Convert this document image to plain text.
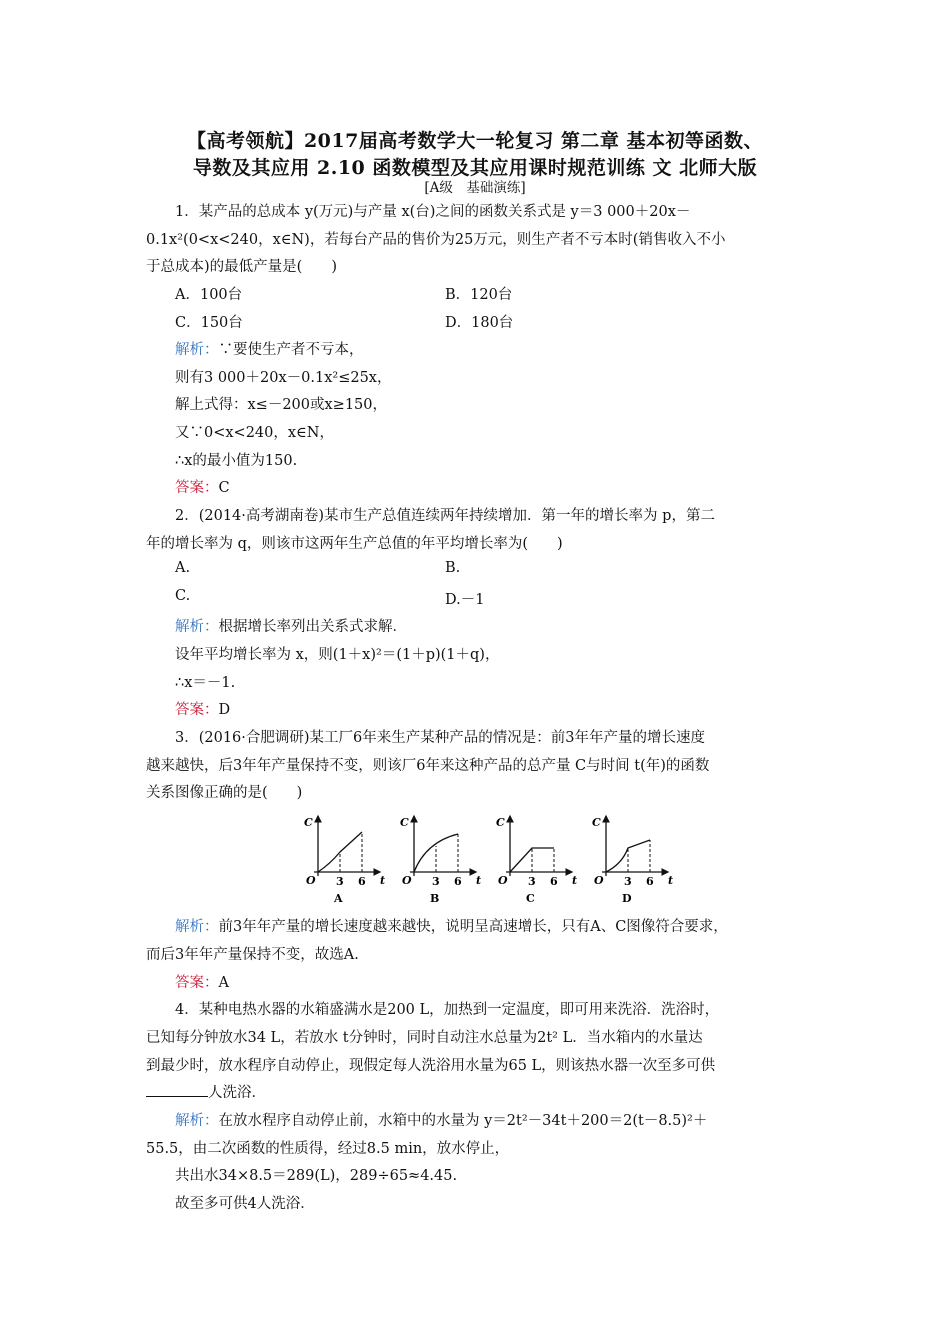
【高考领航】2017届高考数学大一轮复习 第二章 基本初等函数、
导数及其应用 2.10 函数模型及其应用课时规范训练 文 北师大版
[A级　基础演练]
1．某产品的总成本 y(万元)与产量 x(台)之间的函数关系式是 y＝3 000＋20x－
0.1x²(0<x<240，x∈N)，若每台产品的售价为25万元，则生产者不亏本时(销售收入不小
于总成本)的最低产量是(　　)
A．100台	B．120台
C．150台	D．180台
解析：∵要使生产者不亏本，
则有3 000＋20x－0.1x²≤25x，
解上式得：x≤－200或x≥150，
又∵0<x<240，x∈N，
∴x的最小值为150.
答案：C
2．(2014·高考湖南卷)某市生产总值连续两年持续增加．第一年的增长率为 p，第二
年的增长率为 q，则该市这两年生产总值的年平均增长率为(　　)
A.	B.
C.	D.－1
解析：根据增长率列出关系式求解．
设年平均增长率为 x，则(1＋x)²＝(1＋p)(1＋q)，
∴x＝－1.
答案：D
3．(2016·合肥调研)某工厂6年来生产某种产品的情况是：前3年年产量的增长速度
越来越快，后3年年产量保持不变，则该厂6年来这种产品的总产量 C与时间 t(年)的函数
关系图像正确的是(　　)
C
t
O 3 6
A
C
t
O 3 6
B
C
t
O 3 6
C
C
t
O 3 6
D
解析：前3年年产量的增长速度越来越快，说明呈高速增长，只有A、C图像符合要求，
而后3年年产量保持不变，故选A.
答案：A
4．某种电热水器的水箱盛满水是200 L，加热到一定温度，即可用来洗浴．洗浴时，
已知每分钟放水34 L，若放水 t分钟时，同时自动注水总量为2t² L．当水箱内的水量达
到最少时，放水程序自动停止，现假定每人洗浴用水量为65 L，则该热水器一次至多可供
人洗浴．
解析：在放水程序自动停止前，水箱中的水量为 y＝2t²－34t＋200＝2(t－8.5)²＋
55.5，由二次函数的性质得，经过8.5 min，放水停止，
共出水34×8.5＝289(L)，289÷65≈4.45.
故至多可供4人洗浴．
